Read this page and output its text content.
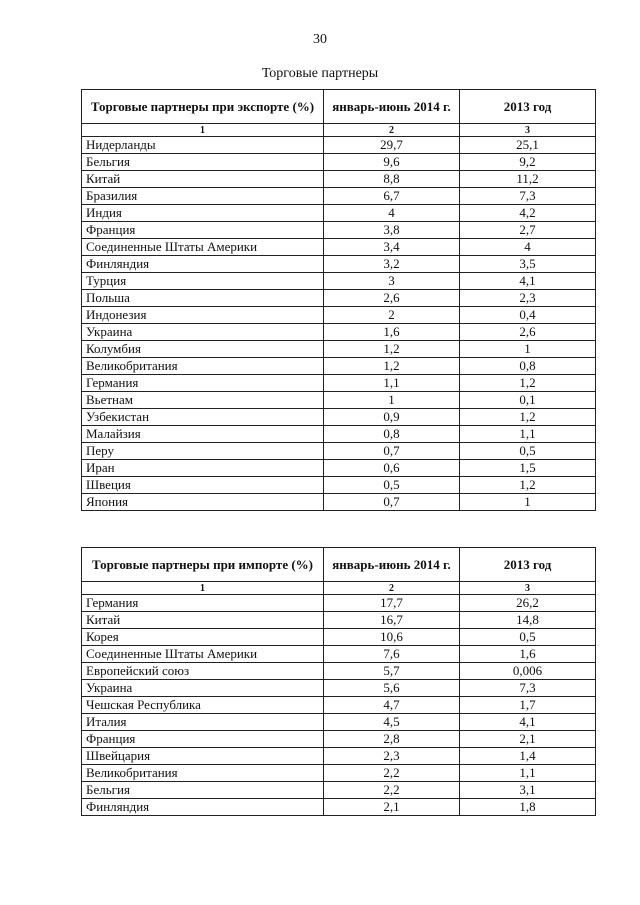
30
Торговые партнеры
Торговые партнеры при экспорте (%)	январь-июнь 2014 г.	2013 год
1	2	3
Нидерланды	29,7	25,1
Бельгия	9,6	9,2
Китай	8,8	11,2
Бразилия	6,7	7,3
Индия	4	4,2
Франция	3,8	2,7
Соединенные Штаты Америки	3,4	4
Финляндия	3,2	3,5
Турция	3	4,1
Польша	2,6	2,3
Индонезия	2	0,4
Украина	1,6	2,6
Колумбия	1,2	1
Великобритания	1,2	0,8
Германия	1,1	1,2
Вьетнам	1	0,1
Узбекистан	0,9	1,2
Малайзия	0,8	1,1
Перу	0,7	0,5
Иран	0,6	1,5
Швеция	0,5	1,2
Япония	0,7	1
Торговые партнеры при импорте (%)	январь-июнь 2014 г.	2013 год
1	2	3
Германия	17,7	26,2
Китай	16,7	14,8
Корея	10,6	0,5
Соединенные Штаты Америки	7,6	1,6
Европейский союз	5,7	0,006
Украина	5,6	7,3
Чешская Республика	4,7	1,7
Италия	4,5	4,1
Франция	2,8	2,1
Швейцария	2,3	1,4
Великобритания	2,2	1,1
Бельгия	2,2	3,1
Финляндия	2,1	1,8
